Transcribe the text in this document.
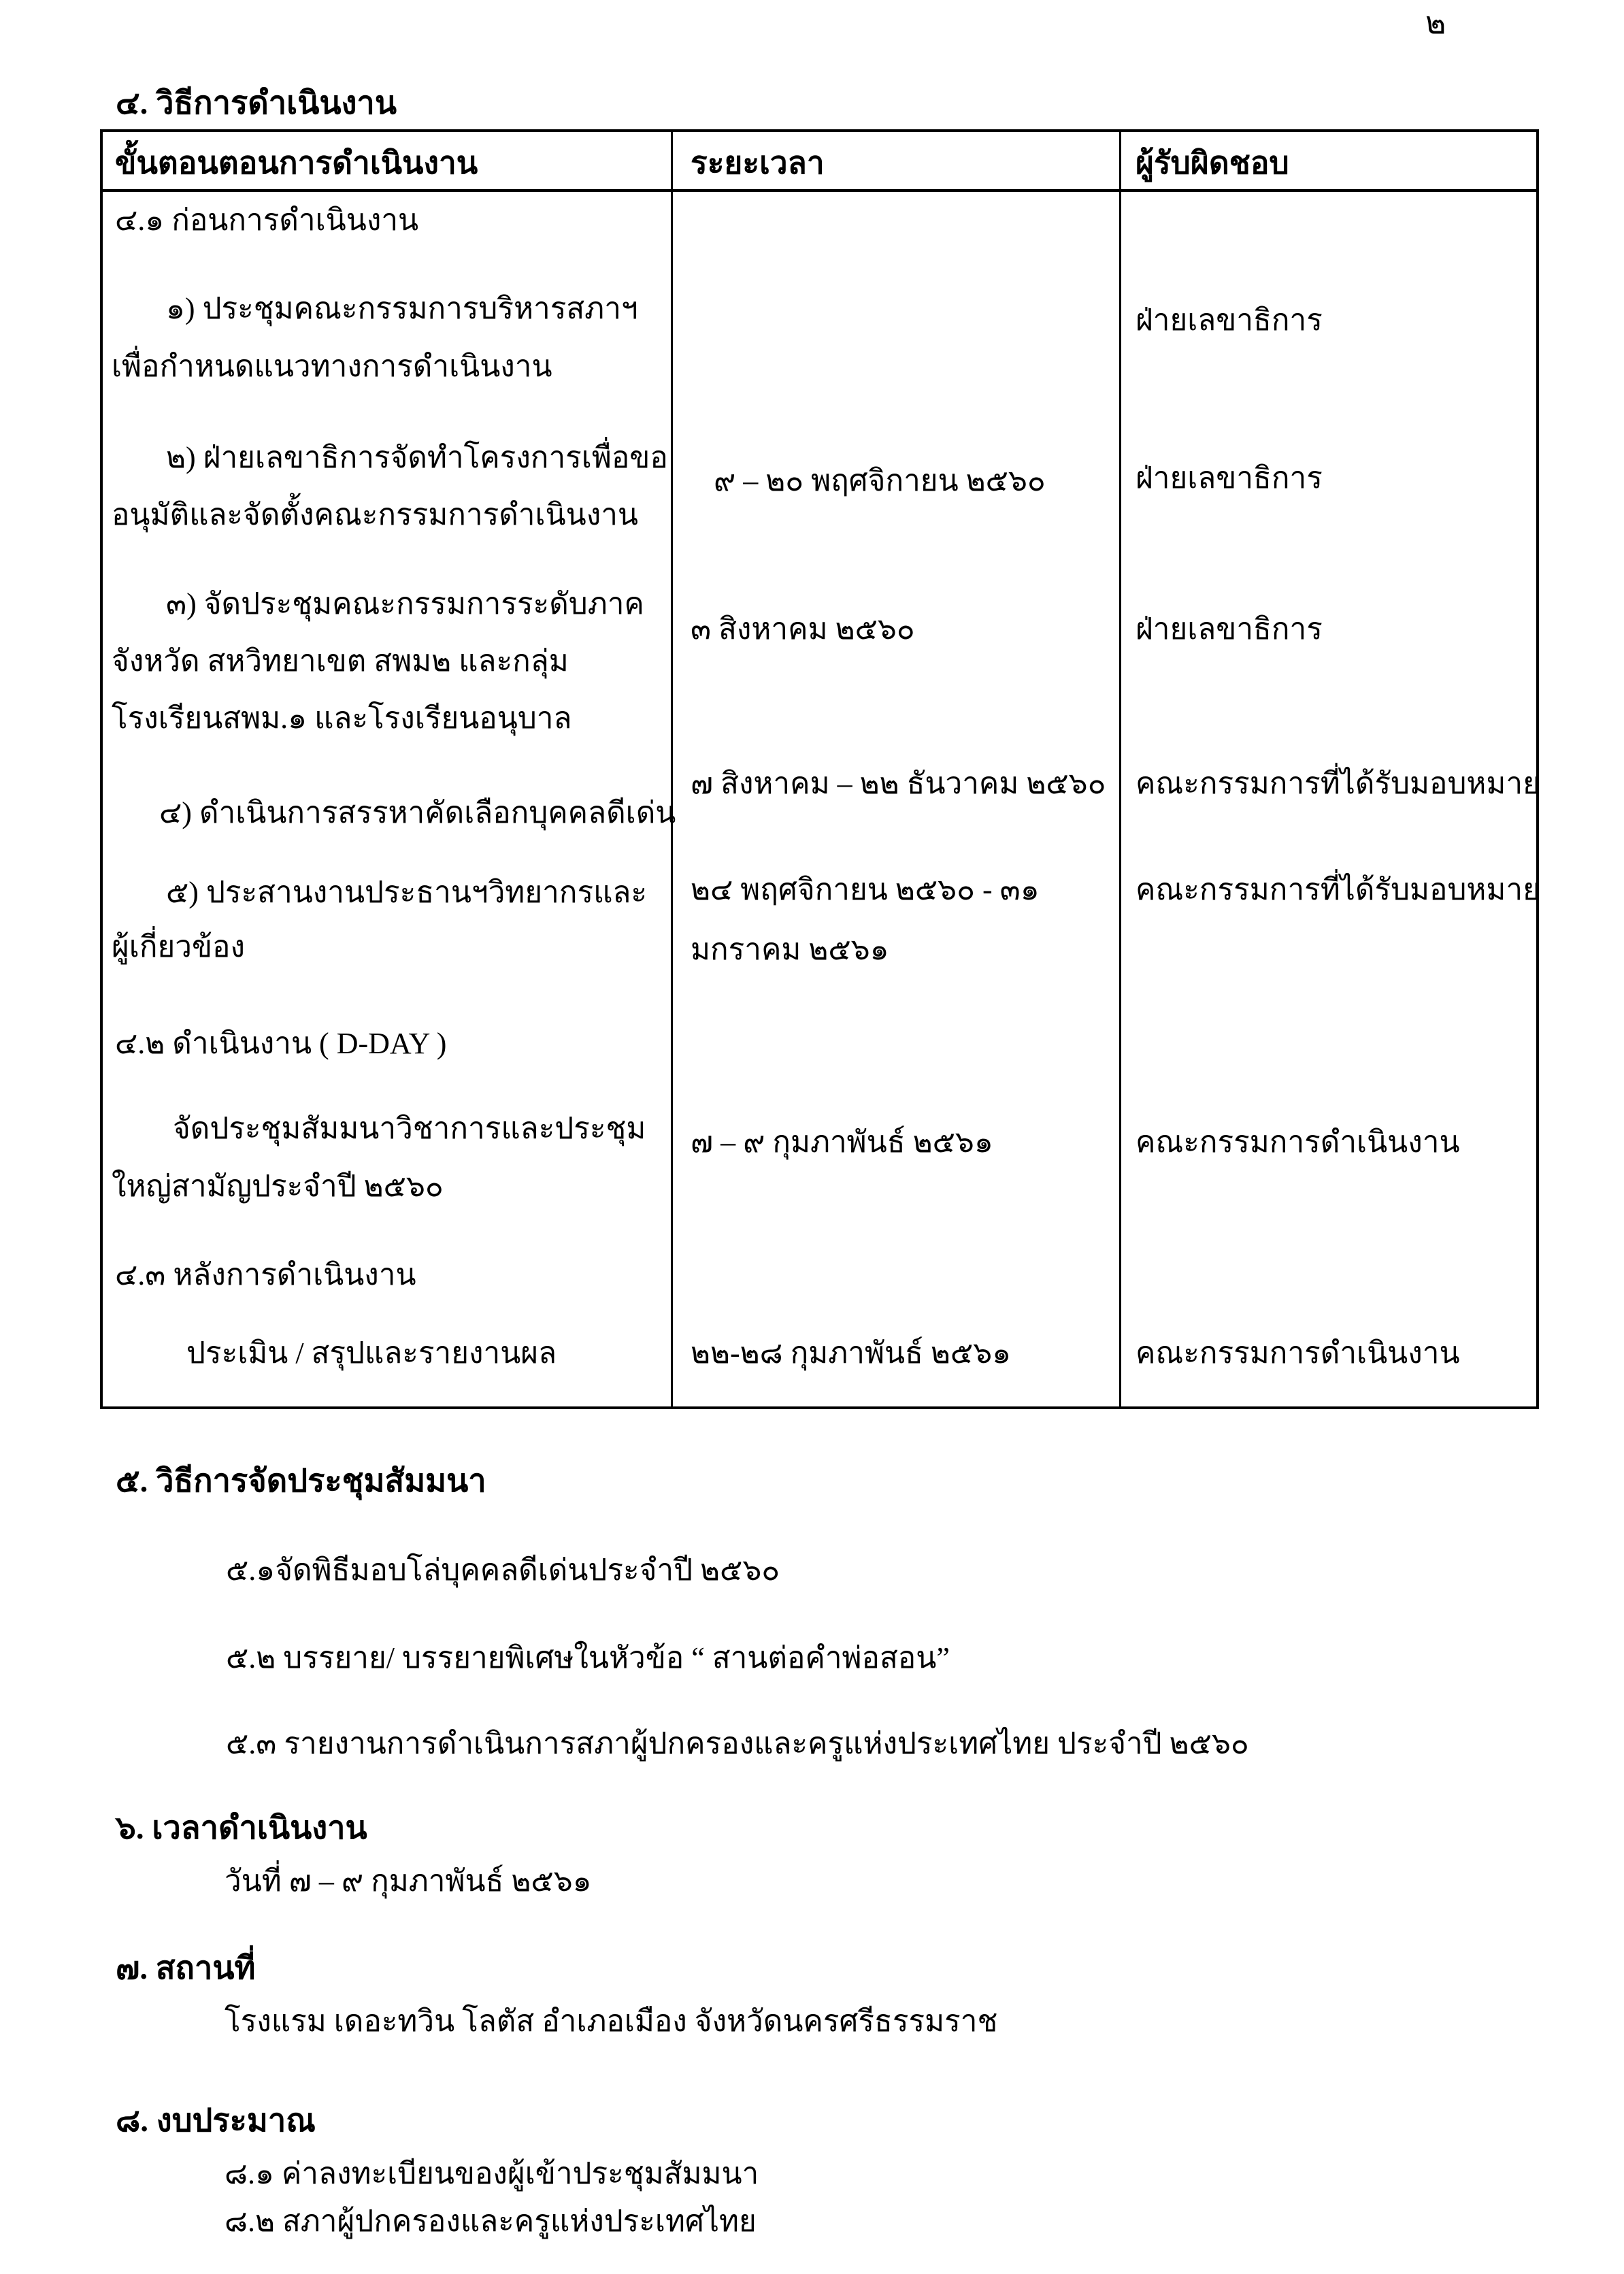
๒
๔. วิธีการดำเนินงาน
ขั้นตอนตอนการดำเนินงาน	ระยะเวลา	ผู้รับผิดชอบ
๔.๑ ก่อนการดำเนินงาน
๑) ประชุมคณะกรรมการบริหารสภาฯ
เพื่อกำหนดแนวทางการดำเนินงาน
๒) ฝ่ายเลขาธิการจัดทำโครงการเพื่อขอ
อนุมัติและจัดตั้งคณะกรรมการดำเนินงาน
๓) จัดประชุมคณะกรรมการระดับภาค
จังหวัด สหวิทยาเขต สพม๒ และกลุ่ม
โรงเรียนสพม.๑ และโรงเรียนอนุบาล
๔) ดำเนินการสรรหาคัดเลือกบุคคลดีเด่น
๕) ประสานงานประธานฯวิทยากรและ
ผู้เกี่ยวข้อง
๔.๒ ดำเนินงาน ( D-DAY )
จัดประชุมสัมมนาวิชาการและประชุม
ใหญ่สามัญประจำปี ๒๕๖๐
๔.๓ หลังการดำเนินงาน
ประเมิน / สรุปและรายงานผล
๙ – ๒๐ พฤศจิกายน ๒๕๖๐
๓ สิงหาคม ๒๕๖๐
๗ สิงหาคม – ๒๒ ธันวาคม ๒๕๖๐
๒๔ พฤศจิกายน ๒๕๖๐ - ๓๑
มกราคม ๒๕๖๑
๗ – ๙ กุมภาพันธ์ ๒๕๖๑
๒๒-๒๘ กุมภาพันธ์ ๒๕๖๑
ฝ่ายเลขาธิการ
ฝ่ายเลขาธิการ
ฝ่ายเลขาธิการ
คณะกรรมการที่ได้รับมอบหมาย
คณะกรรมการที่ได้รับมอบหมาย
คณะกรรมการดำเนินงาน
คณะกรรมการดำเนินงาน
๕. วิธีการจัดประชุมสัมมนา
๕.๑จัดพิธีมอบโล่บุคคลดีเด่นประจำปี ๒๕๖๐
๕.๒ บรรยาย/ บรรยายพิเศษในหัวข้อ “ สานต่อคำพ่อสอน”
๕.๓ รายงานการดำเนินการสภาผู้ปกครองและครูแห่งประเทศไทย ประจำปี ๒๕๖๐
๖. เวลาดำเนินงาน
วันที่ ๗ – ๙ กุมภาพันธ์ ๒๕๖๑
๗. สถานที่
โรงแรม เดอะทวิน โลตัส อำเภอเมือง จังหวัดนครศรีธรรมราช
๘. งบประมาณ
๘.๑ ค่าลงทะเบียนของผู้เข้าประชุมสัมมนา
๘.๒ สภาผู้ปกครองและครูแห่งประเทศไทย
